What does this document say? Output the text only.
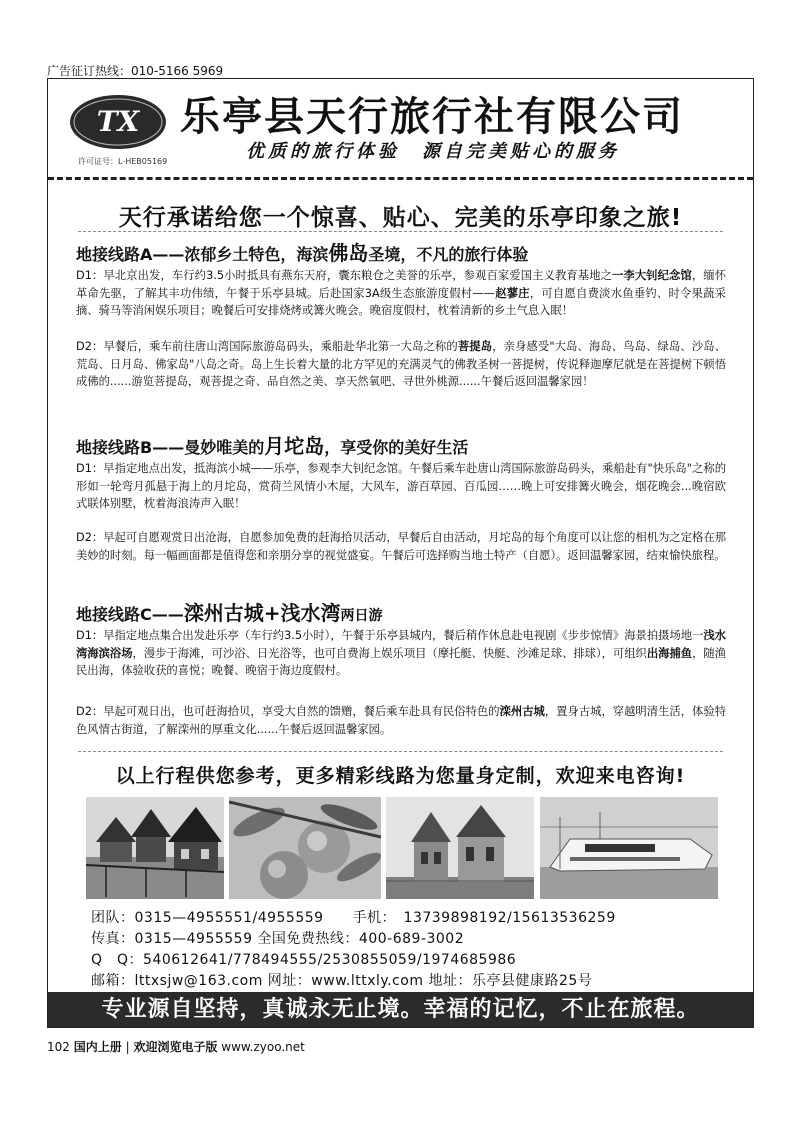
广告征订热线：010-5166 5969
TX
许可证号：L-HEB05169
乐亭县天行旅行社有限公司
优质的旅行体验　源自完美贴心的服务
天行承诺给您一个惊喜、贴心、完美的乐亭印象之旅!
地接线路A——浓郁乡土特色，海滨佛岛圣境，不凡的旅行体验
D1：早北京出发，车行约3.5小时抵具有燕东天府，囊东粮仓之美誉的乐亭，参观百家爱国主义教育基地之一李大钊纪念馆，缅怀革命先驱，了解其丰功伟绩，午餐于乐亭县城。后赴国家3A级生态旅游度假村——赵蓼庄，可自愿自费淡水鱼垂钓、时令果蔬采摘、骑马等消闲娱乐项目；晚餐后可安排烧烤或篝火晚会。晚宿度假村，枕着清新的乡土气息入眠！
D2：早餐后，乘车前往唐山湾国际旅游岛码头，乘船赴华北第一大岛之称的菩提岛，亲身感受"大岛、海岛、鸟岛、绿岛、沙岛、荒岛、日月岛、佛家岛"八岛之奇。岛上生长着大量的北方罕见的充满灵气的佛教圣树一菩提树，传说释迦摩尼就是在菩提树下顿悟成佛的......游览菩提岛，观菩提之奇、品自然之美、享天然氧吧、寻世外桃源......午餐后返回温馨家园！
地接线路B——曼妙唯美的月坨岛，享受你的美好生活
D1：早指定地点出发，抵海滨小城——乐亭，参观李大钊纪念馆。午餐后乘车赴唐山湾国际旅游岛码头，乘船赴有"快乐岛"之称的形如一轮弯月孤悬于海上的月坨岛，赏荷兰风情小木屋，大风车，游百草园、百瓜园……晚上可安排篝火晚会，烟花晚会...晚宿欧式联体别墅，枕着海浪涛声入眠！
D2：早起可自愿观赏日出沧海，自愿参加免费的赶海拾贝活动，早餐后自由活动，月坨岛的每个角度可以让您的相机为之定格在那美妙的时刻。每一幅画面都是值得您和亲朋分享的视觉盛宴。午餐后可选择购当地土特产（自愿）。返回温馨家园，结束愉快旅程。
地接线路C——滦州古城+浅水湾两日游
D1：早指定地点集合出发赴乐亭（车行约3.5小时），午餐于乐亭县城内，餐后稍作休息赴电视剧《步步惊情》海景拍摄场地一浅水湾海滨浴场，漫步于海滩，可沙浴、日光浴等，也可自费海上娱乐项目（摩托艇、快艇、沙滩足球、排球），可组织出海捕鱼，随渔民出海，体验收获的喜悦；晚餐、晚宿于海边度假村。
D2：早起可观日出，也可赶海拾贝，享受大自然的馈赠，餐后乘车赴具有民俗特色的滦州古城，置身古城，穿越明清生活，体验特色风情古街道，了解滦州的厚重文化......午餐后返回温馨家园。
以上行程供您参考，更多精彩线路为您量身定制，欢迎来电咨询!
团队：0315—4955551/4955559　　手机：　13739898192/15613536259
传真：0315—4955559 全国免费热线：400-689-3002
Q　Q：540612641/778494555/2530855059/1974685986
邮箱：lttxsjw@163.com 网址：www.lttxly.com 地址：乐亭县健康路25号
专业源自坚持，真诚永无止境。幸福的记忆，不止在旅程。
102 国内上册 | 欢迎浏览电子版 www.zyoo.net
